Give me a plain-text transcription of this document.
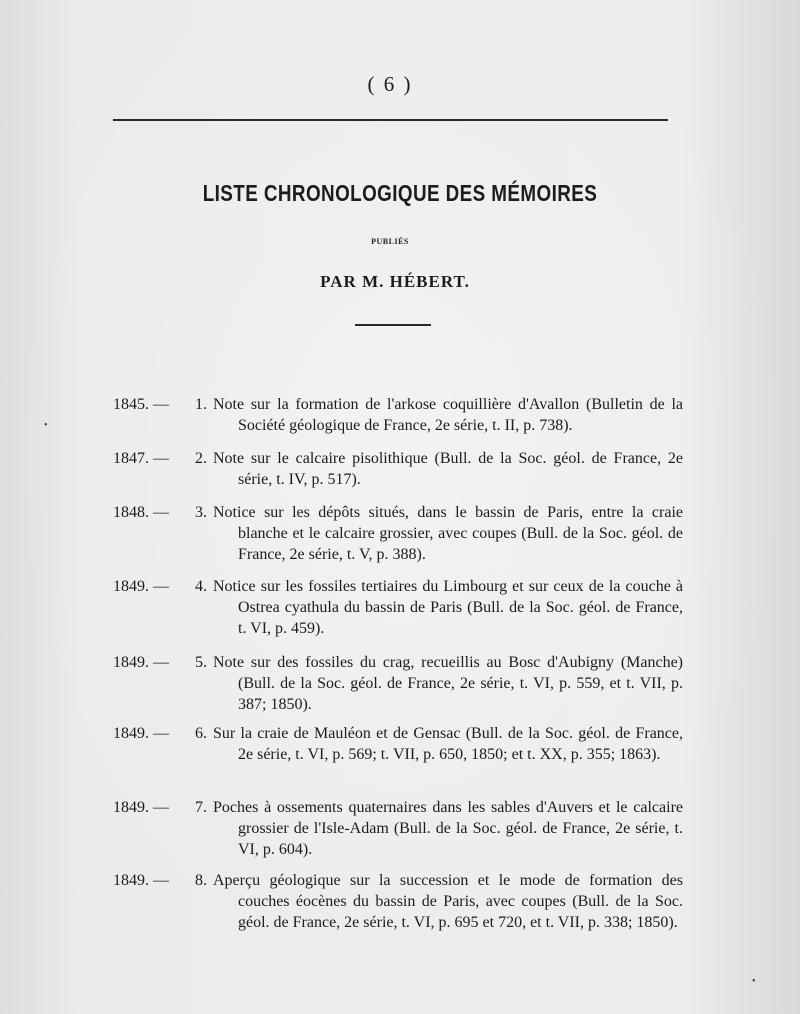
( 6 )
LISTE CHRONOLOGIQUE DES MÉMOIRES
PUBLIÉS
PAR M. HÉBERT.
1845. —	1. Note sur la formation de l'arkose coquillière d'Avallon (Bulletin de la Société géologique de France, 2e série, t. II, p. 738).
1847. —	2. Note sur le calcaire pisolithique (Bull. de la Soc. géol. de France, 2e série, t. IV, p. 517).
1848. —	3. Notice sur les dépôts situés, dans le bassin de Paris, entre la craie blanche et le calcaire grossier, avec coupes (Bull. de la Soc. géol. de France, 2e série, t. V, p. 388).
1849. —	4. Notice sur les fossiles tertiaires du Limbourg et sur ceux de la couche à Ostrea cyathula du bassin de Paris (Bull. de la Soc. géol. de France, t. VI, p. 459).
1849. —	5. Note sur des fossiles du crag, recueillis au Bosc d'Aubigny (Manche) (Bull. de la Soc. géol. de France, 2e série, t. VI, p. 559, et t. VII, p. 387; 1850).
1849. —	6. Sur la craie de Mauléon et de Gensac (Bull. de la Soc. géol. de France, 2e série, t. VI, p. 569; t. VII, p. 650, 1850; et t. XX, p. 355; 1863).
1849. —	7. Poches à ossements quaternaires dans les sables d'Auvers et le calcaire grossier de l'Isle-Adam (Bull. de la Soc. géol. de France, 2e série, t. VI, p. 604).
1849. —	8. Aperçu géologique sur la succession et le mode de formation des couches éocènes du bassin de Paris, avec coupes (Bull. de la Soc. géol. de France, 2e série, t. VI, p. 695 et 720, et t. VII, p. 338; 1850).
•
•
